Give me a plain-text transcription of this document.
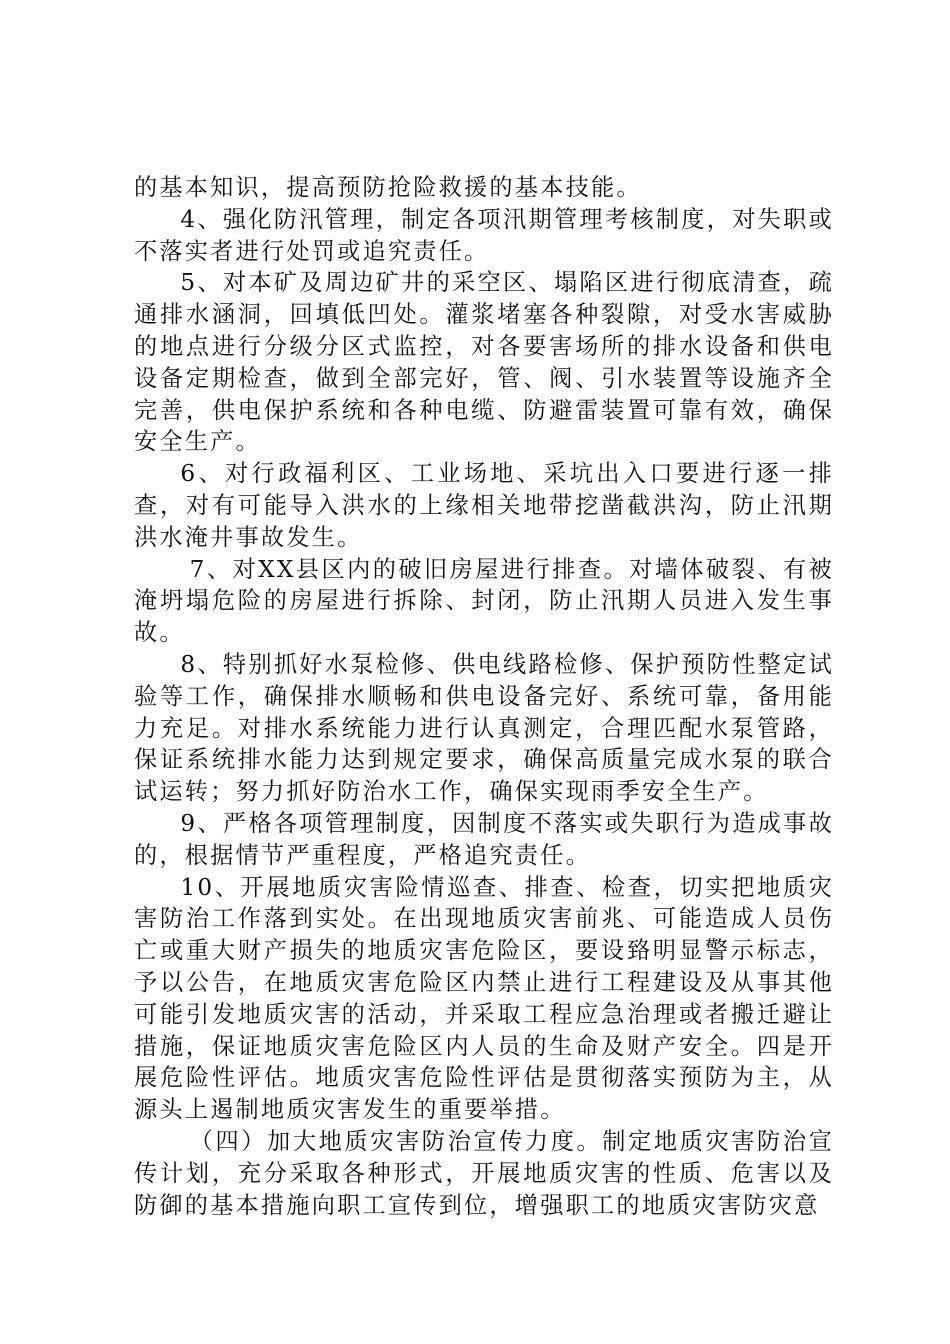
的基本知识，提高预防抢险救援的基本技能。

4、强化防汛管理，制定各项汛期管理考核制度，对失职或不落实者进行处罚或追究责任。

5、对本矿及周边矿井的采空区、塌陷区进行彻底清查，疏通排水涵洞，回填低凹处。灌浆堵塞各种裂隙，对受水害威胁的地点进行分级分区式监控，对各要害场所的排水设备和供电设备定期检查，做到全部完好，管、阀、引水装置等设施齐全完善，供电保护系统和各种电缆、防避雷装置可靠有效，确保安全生产。

6、对行政福利区、工业场地、采坑出入口要进行逐一排查，对有可能导入洪水的上缘相关地带挖凿截洪沟，防止汛期洪水淹井事故发生。

7、对XX县区内的破旧房屋进行排查。对墙体破裂、有被淹坍塌危险的房屋进行拆除、封闭，防止汛期人员进入发生事故。

8、特别抓好水泵检修、供电线路检修、保护预防性整定试验等工作，确保排水顺畅和供电设备完好、系统可靠，备用能力充足。对排水系统能力进行认真测定，合理匹配水泵管路，保证系统排水能力达到规定要求，确保高质量完成水泵的联合试运转；努力抓好防治水工作，确保实现雨季安全生产。

9、严格各项管理制度，因制度不落实或失职行为造成事故的，根据情节严重程度，严格追究责任。

10、开展地质灾害险情巡查、排查、检查，切实把地质灾害防治工作落到实处。在出现地质灾害前兆、可能造成人员伤亡或重大财产损失的地质灾害危险区，要设臵明显警示标志，予以公告，在地质灾害危险区内禁止进行工程建设及从事其他可能引发地质灾害的活动，并采取工程应急治理或者搬迁避让措施，保证地质灾害危险区内人员的生命及财产安全。四是开展危险性评估。地质灾害危险性评估是贯彻落实预防为主，从源头上遏制地质灾害发生的重要举措。

（四）加大地质灾害防治宣传力度。制定地质灾害防治宣传计划，充分采取各种形式，开展地质灾害的性质、危害以及防御的基本措施向职工宣传到位，增强职工的地质灾害防灾意
